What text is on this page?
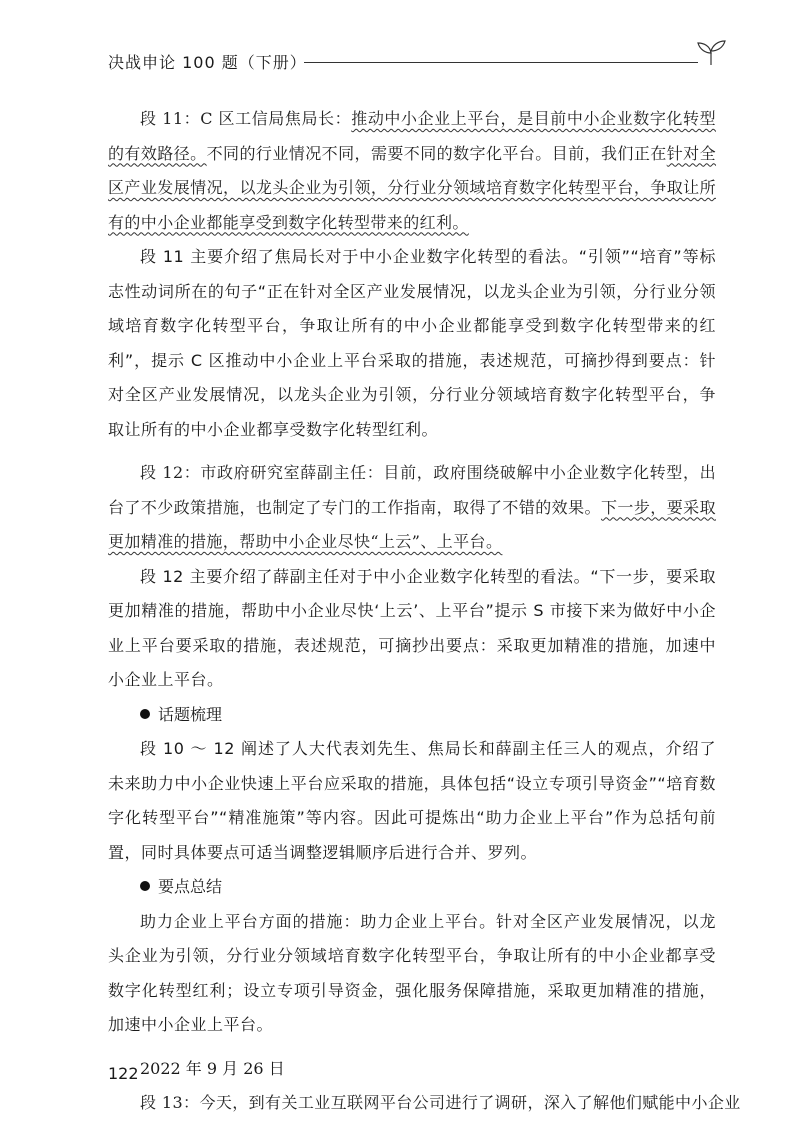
决战申论 100 题（下册）

段 11：C 区工信局焦局长：推动中小企业上平台，是目前中小企业数字化转型的有效路径。不同的行业情况不同，需要不同的数字化平台。目前，我们正在针对全区产业发展情况，以龙头企业为引领，分行业分领域培育数字化转型平台，争取让所有的中小企业都能享受到数字化转型带来的红利。

段 11 主要介绍了焦局长对于中小企业数字化转型的看法。“引领”“培育”等标志性动词所在的句子“正在针对全区产业发展情况，以龙头企业为引领，分行业分领域培育数字化转型平台，争取让所有的中小企业都能享受到数字化转型带来的红利”，提示 C 区推动中小企业上平台采取的措施，表述规范，可摘抄得到要点：针对全区产业发展情况，以龙头企业为引领，分行业分领域培育数字化转型平台，争取让所有的中小企业都享受数字化转型红利。

段 12：市政府研究室薛副主任：目前，政府围绕破解中小企业数字化转型，出台了不少政策措施，也制定了专门的工作指南，取得了不错的效果。下一步，要采取更加精准的措施，帮助中小企业尽快“上云”、上平台。

段 12 主要介绍了薛副主任对于中小企业数字化转型的看法。“下一步，要采取更加精准的措施，帮助中小企业尽快‘上云’、上平台”提示 S 市接下来为做好中小企业上平台要采取的措施，表述规范，可摘抄出要点：采取更加精准的措施，加速中小企业上平台。

话题梳理

段 10 ～ 12 阐述了人大代表刘先生、焦局长和薛副主任三人的观点，介绍了未来助力中小企业快速上平台应采取的措施，具体包括“设立专项引导资金”“培育数字化转型平台”“精准施策”等内容。因此可提炼出“助力企业上平台”作为总括句前置，同时具体要点可适当调整逻辑顺序后进行合并、罗列。

要点总结

助力企业上平台方面的措施：助力企业上平台。针对全区产业发展情况，以龙头企业为引领，分行业分领域培育数字化转型平台，争取让所有的中小企业都享受数字化转型红利；设立专项引导资金，强化服务保障措施，采取更加精准的措施，加速中小企业上平台。

2022 年 9 月 26 日

段 13：今天，到有关工业互联网平台公司进行了调研，深入了解他们赋能中小企业

122
